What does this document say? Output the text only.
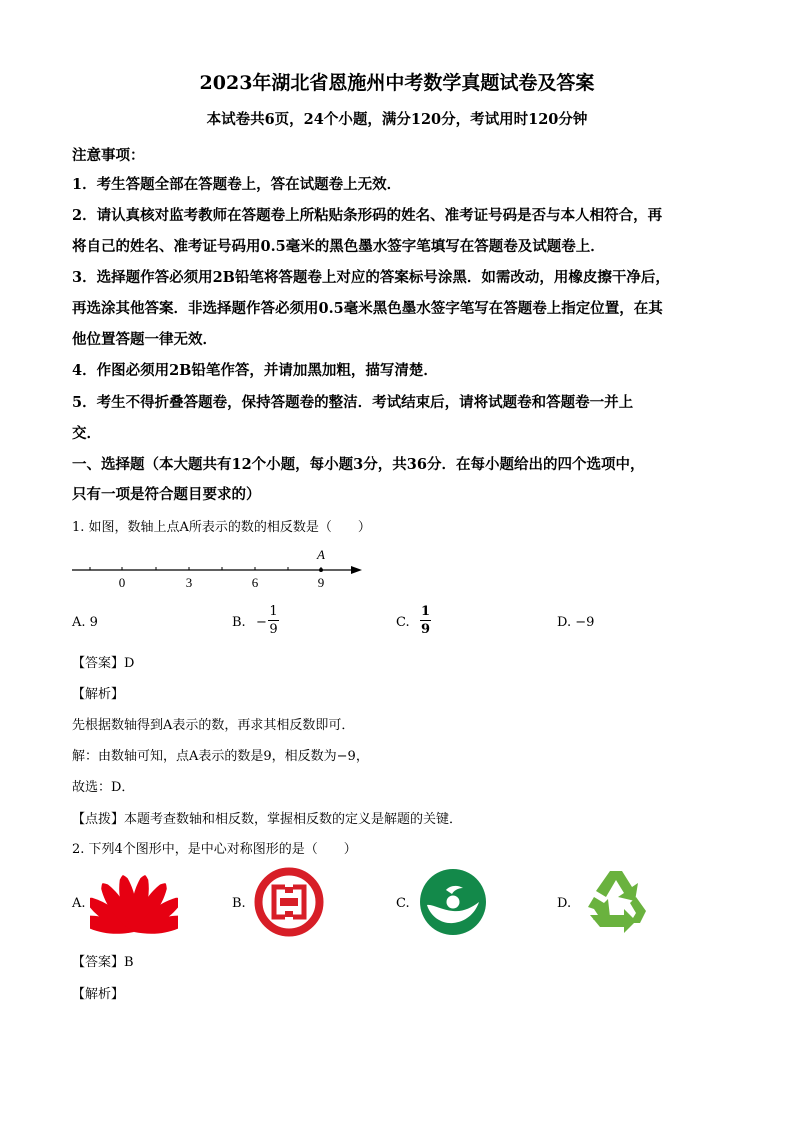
2023年湖北省恩施州中考数学真题试卷及答案
本试卷共6页，24个小题，满分120分，考试用时120分钟
注意事项：
1．考生答题全部在答题卷上，答在试题卷上无效．
2．请认真核对监考教师在答题卷上所粘贴条形码的姓名、准考证号码是否与本人相符合，再
将自己的姓名、准考证号码用0.5毫米的黑色墨水签字笔填写在答题卷及试题卷上．
3．选择题作答必须用2B铅笔将答题卷上对应的答案标号涂黑．如需改动，用橡皮擦干净后，
再选涂其他答案．非选择题作答必须用0.5毫米黑色墨水签字笔写在答题卷上指定位置，在其
他位置答题一律无效．
4．作图必须用2B铅笔作答，并请加黑加粗，描写清楚．
5．考生不得折叠答题卷，保持答题卷的整洁．考试结束后，请将试题卷和答题卷一并上
交．
一、选择题（本大题共有12个小题，每小题3分，共36分．在每小题给出的四个选项中，
只有一项是符合题目要求的）
1. 如图，数轴上点A所表示的数的相反数是（　　）
A
0	3	6	9
A. 9	B. −
1
9	C.
1
9	D. −9
【答案】D
【解析】
先根据数轴得到A表示的数，再求其相反数即可．
解：由数轴可知，点A表示的数是9，相反数为−9，
故选：D．
【点拨】本题考查数轴和相反数，掌握相反数的定义是解题的关键．
2. 下列4个图形中，是中心对称图形的是（　　）
A.	B.	C.	D.
【答案】B
【解析】
